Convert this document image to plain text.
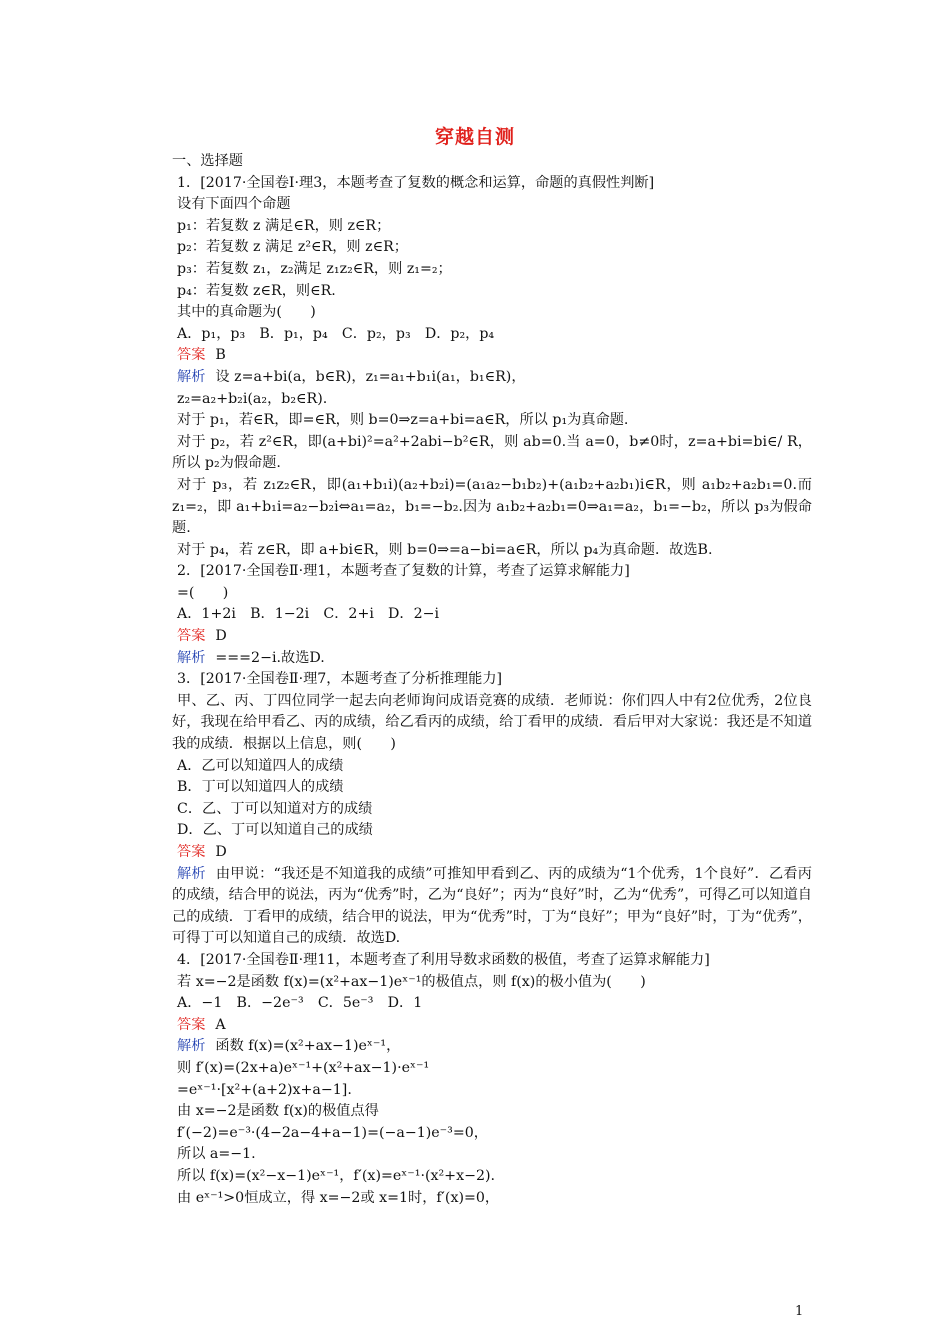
穿越自测

一、选择题

1．[2017·全国卷Ⅰ·理3，本题考查了复数的概念和运算，命题的真假性判断]

设有下面四个命题

p₁：若复数 z 满足∈R，则 z∈R；

p₂：若复数 z 满足 z²∈R，则 z∈R；

p₃：若复数 z₁，z₂满足 z₁z₂∈R，则 z₁=₂；

p₄：若复数 z∈R，则∈R.

其中的真命题为(　　)

A．p₁，p₃　B．p₁，p₄　C．p₂，p₃　D．p₂，p₄

答案 B

解析 设 z=a+bi(a，b∈R)，z₁=a₁+b₁i(a₁，b₁∈R)，

z₂=a₂+b₂i(a₂，b₂∈R).

对于 p₁，若∈R，即=∈R，则 b=0⇒z=a+bi=a∈R，所以 p₁为真命题.

对于 p₂，若 z²∈R，即(a+bi)²=a²+2abi−b²∈R，则 ab=0.当 a=0，b≠0时，z=a+bi=bi∈/ R，所以 p₂为假命题.

对于 p₃，若 z₁z₂∈R，即(a₁+b₁i)(a₂+b₂i)=(a₁a₂−b₁b₂)+(a₁b₂+a₂b₁)i∈R，则 a₁b₂+a₂b₁=0.而 z₁=₂，即 a₁+b₁i=a₂−b₂i⇔a₁=a₂，b₁=−b₂.因为 a₁b₂+a₂b₁=0⇒a₁=a₂，b₁=−b₂，所以 p₃为假命题.

对于 p₄，若 z∈R，即 a+bi∈R，则 b=0⇒=a−bi=a∈R，所以 p₄为真命题．故选B.

2．[2017·全国卷Ⅱ·理1，本题考查了复数的计算，考查了运算求解能力]

=(　　)

A．1+2i　B．1−2i　C．2+i　D．2−i

答案 D

解析 ===2−i.故选D.

3．[2017·全国卷Ⅱ·理7，本题考查了分析推理能力]

甲、乙、丙、丁四位同学一起去向老师询问成语竞赛的成绩．老师说：你们四人中有2位优秀，2位良好，我现在给甲看乙、丙的成绩，给乙看丙的成绩，给丁看甲的成绩．看后甲对大家说：我还是不知道我的成绩．根据以上信息，则(　　)

A．乙可以知道四人的成绩

B．丁可以知道四人的成绩

C．乙、丁可以知道对方的成绩

D．乙、丁可以知道自己的成绩

答案 D

解析 由甲说：“我还是不知道我的成绩”可推知甲看到乙、丙的成绩为“1个优秀，1个良好”．乙看丙的成绩，结合甲的说法，丙为“优秀”时，乙为“良好”；丙为“良好”时，乙为“优秀”，可得乙可以知道自己的成绩．丁看甲的成绩，结合甲的说法，甲为“优秀”时，丁为“良好”；甲为“良好”时，丁为“优秀”，可得丁可以知道自己的成绩．故选D.

4．[2017·全国卷Ⅱ·理11，本题考查了利用导数求函数的极值，考查了运算求解能力]

若 x=−2是函数 f(x)=(x²+ax−1)eˣ⁻¹的极值点，则 f(x)的极小值为(　　)

A．−1　B．−2e⁻³　C．5e⁻³　D．1

答案 A

解析 函数 f(x)=(x²+ax−1)eˣ⁻¹，

则 f′(x)=(2x+a)eˣ⁻¹+(x²+ax−1)·eˣ⁻¹

=eˣ⁻¹·[x²+(a+2)x+a−1].

由 x=−2是函数 f(x)的极值点得

f′(−2)=e⁻³·(4−2a−4+a−1)=(−a−1)e⁻³=0，

所以 a=−1.

所以 f(x)=(x²−x−1)eˣ⁻¹，f′(x)=eˣ⁻¹·(x²+x−2).

由 eˣ⁻¹>0恒成立，得 x=−2或 x=1时，f′(x)=0，

1
